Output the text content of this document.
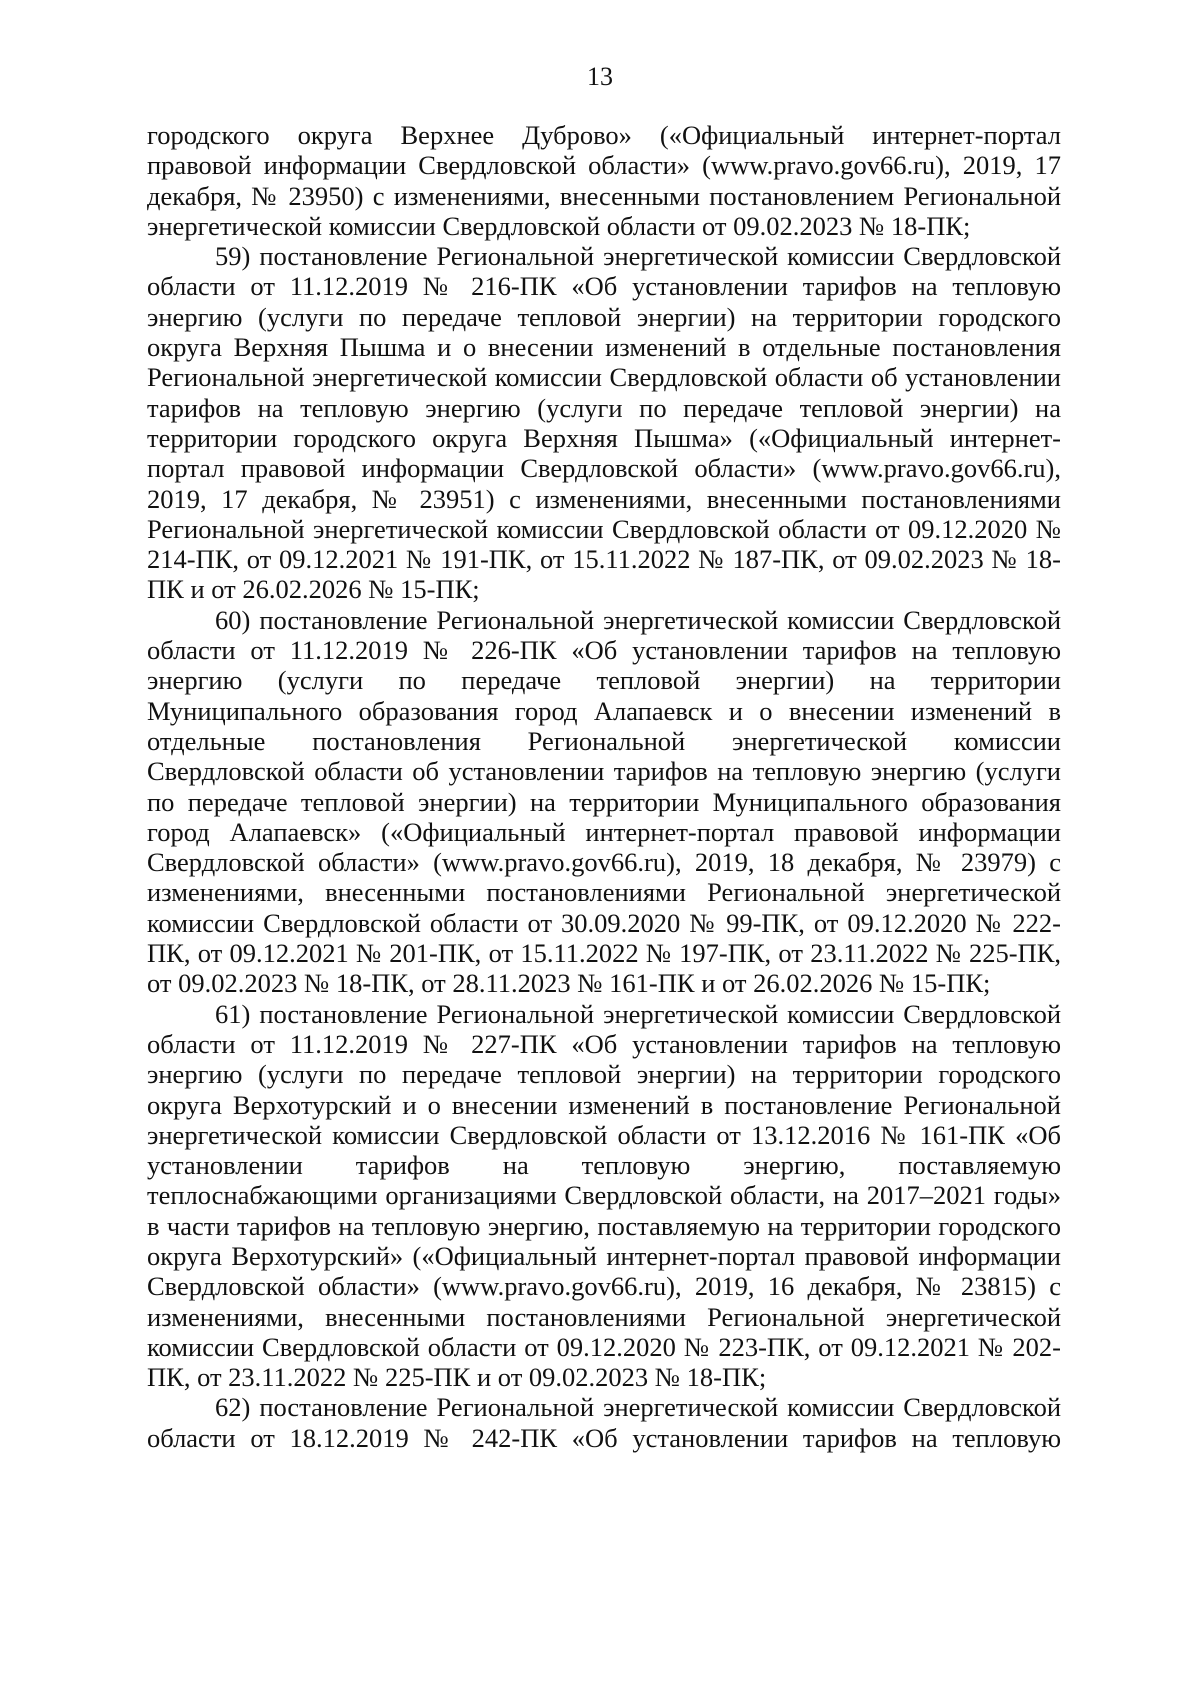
13

городского округа Верхнее Дуброво» («Официальный интернет-портал правовой информации Свердловской области» (www.pravo.gov66.ru), 2019, 17 декабря, № 23950) с изменениями, внесенными постановлением Региональной энергетической комиссии Свердловской области от 09.02.2023 № 18-ПК;

59) постановление Региональной энергетической комиссии Свердловской области от 11.12.2019 № 216-ПК «Об установлении тарифов на тепловую энергию (услуги по передаче тепловой энергии) на территории городского округа Верхняя Пышма и о внесении изменений в отдельные постановления Региональной энергетической комиссии Свердловской области об установлении тарифов на тепловую энергию (услуги по передаче тепловой энергии) на территории городского округа Верхняя Пышма» («Официальный интернет-портал правовой информации Свердловской области» (www.pravo.gov66.ru), 2019, 17 декабря, № 23951) с изменениями, внесенными постановлениями Региональной энергетической комиссии Свердловской области от 09.12.2020 № 214-ПК, от 09.12.2021 № 191-ПК, от 15.11.2022 № 187-ПК, от 09.02.2023 № 18-ПК и от 26.02.2026 № 15-ПК;

60) постановление Региональной энергетической комиссии Свердловской области от 11.12.2019 № 226-ПК «Об установлении тарифов на тепловую энергию (услуги по передаче тепловой энергии) на территории Муниципального образования город Алапаевск и о внесении изменений в отдельные постановления Региональной энергетической комиссии Свердловской области об установлении тарифов на тепловую энергию (услуги по передаче тепловой энергии) на территории Муниципального образования город Алапаевск» («Официальный интернет-портал правовой информации Свердловской области» (www.pravo.gov66.ru), 2019, 18 декабря, № 23979) с изменениями, внесенными постановлениями Региональной энергетической комиссии Свердловской области от 30.09.2020 № 99-ПК, от 09.12.2020 № 222-ПК, от 09.12.2021 № 201-ПК, от 15.11.2022 № 197-ПК, от 23.11.2022 № 225-ПК, от 09.02.2023 № 18-ПК, от 28.11.2023 № 161-ПК и от 26.02.2026 № 15-ПК;

61) постановление Региональной энергетической комиссии Свердловской области от 11.12.2019 № 227-ПК «Об установлении тарифов на тепловую энергию (услуги по передаче тепловой энергии) на территории городского округа Верхотурский и о внесении изменений в постановление Региональной энергетической комиссии Свердловской области от 13.12.2016 № 161-ПК «Об установлении тарифов на тепловую энергию, поставляемую теплоснабжающими организациями Свердловской области, на 2017–2021 годы» в части тарифов на тепловую энергию, поставляемую на территории городского округа Верхотурский» («Официальный интернет-портал правовой информации Свердловской области» (www.pravo.gov66.ru), 2019, 16 декабря, № 23815) с изменениями, внесенными постановлениями Региональной энергетической комиссии Свердловской области от 09.12.2020 № 223-ПК, от 09.12.2021 № 202-ПК, от 23.11.2022 № 225-ПК и от 09.02.2023 № 18-ПК;

62) постановление Региональной энергетической комиссии Свердловской области от 18.12.2019 № 242-ПК «Об установлении тарифов на тепловую
